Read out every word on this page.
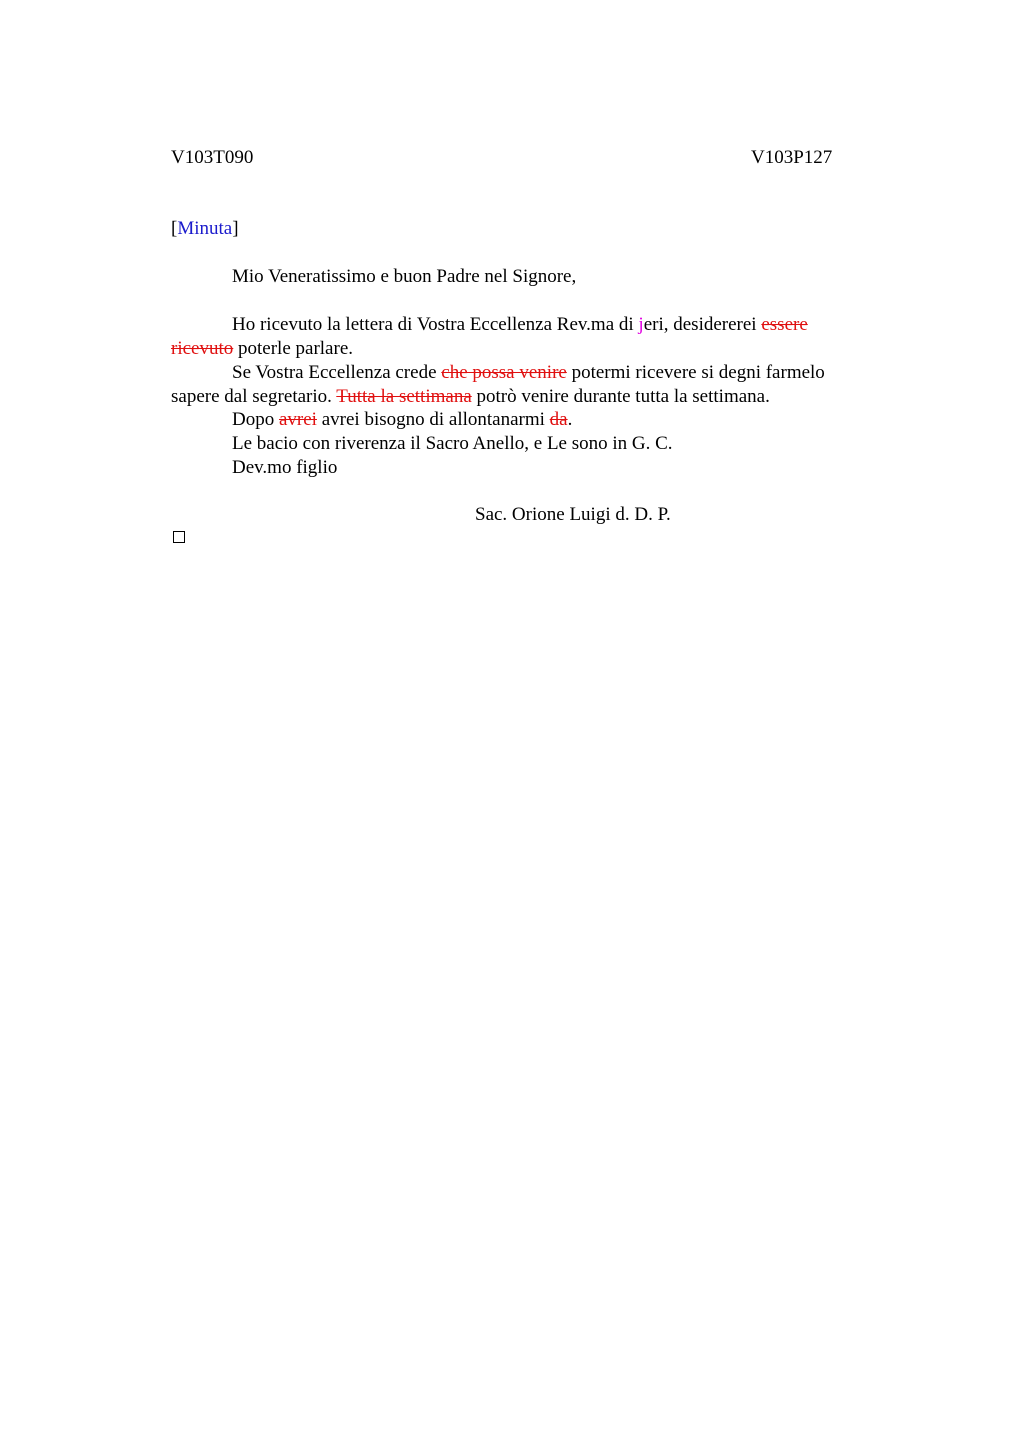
V103T090	V103P127
[Minuta]
Mio Veneratissimo e buon Padre nel Signore,
Ho ricevuto la lettera di Vostra Eccellenza Rev.ma di jeri, desidererei essere
ricevuto poterle parlare.
Se Vostra Eccellenza crede che possa venire potermi ricevere si degni farmelo
sapere dal segretario. Tutta la settimana potrò venire durante tutta la settimana.
Dopo avrei avrei bisogno di allontanarmi da.
Le bacio con riverenza il Sacro Anello, e Le sono in G. C.
Dev.mo figlio
Sac. Orione Luigi d. D. P.
